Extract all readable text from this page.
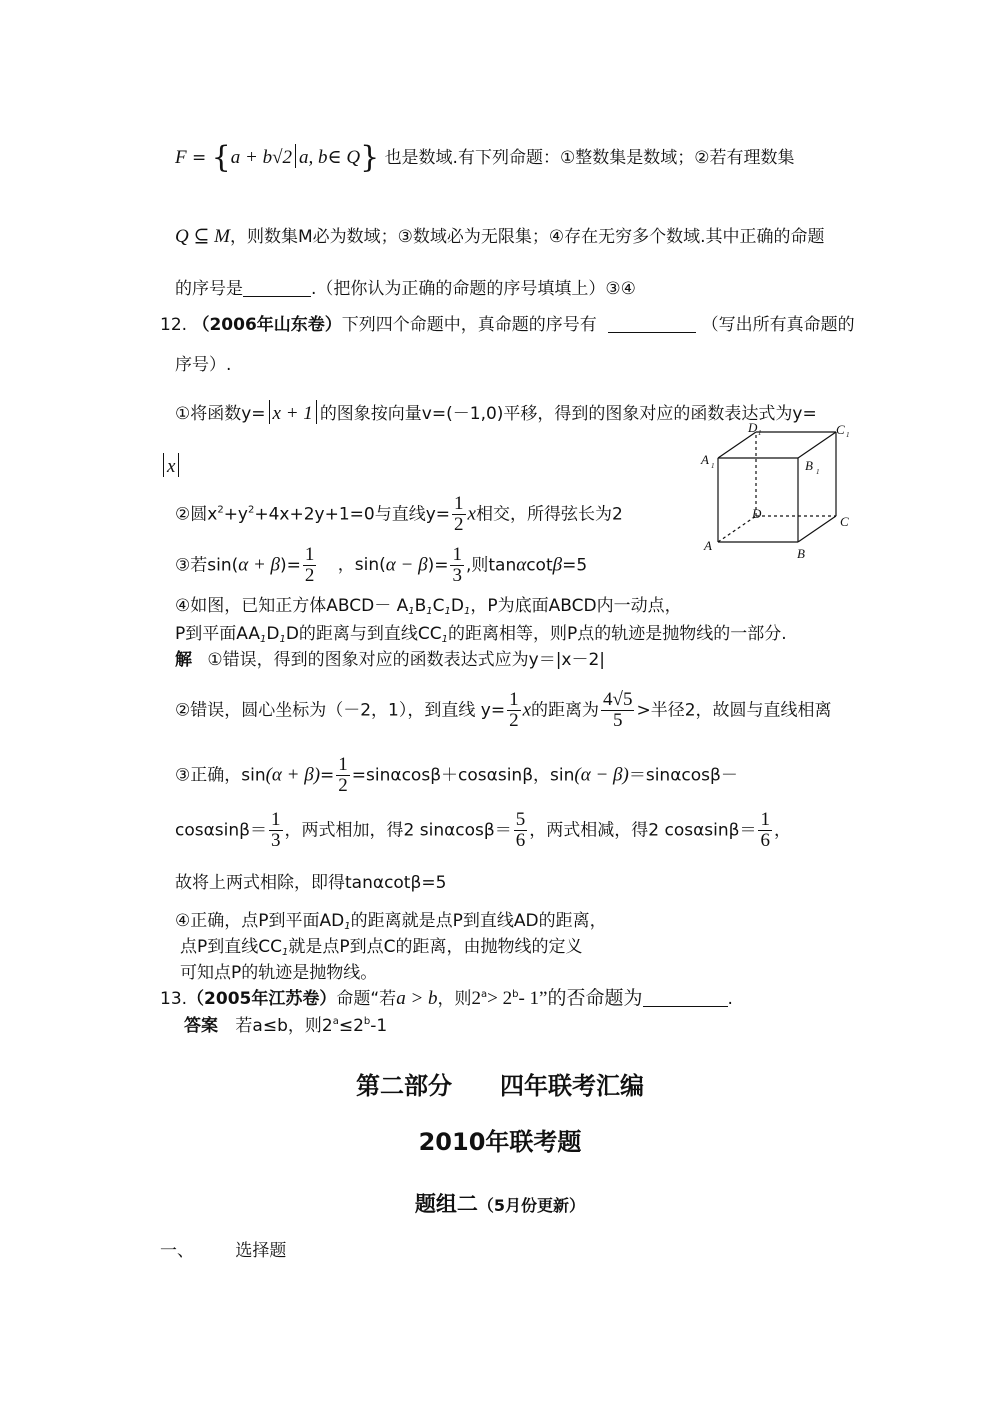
F = {a + b√2 a, b∈ Q} 也是数域.有下列命题：①整数集是数域；②若有理数集
Q ⊆ M，则数集M必为数域；③数域必为无限集；④存在无穷多个数域.其中正确的命题
的序号是	.（把你认为正确的命题的序号填填上）③④
12. （2006年山东卷）下列四个命题中，真命题的序号有	（写出所有真命题的
序号）.
①将函数y= x + 1 的图象按向量v=(－1,0)平移，得到的图象对应的函数表达式为y=
x
A
B
C
D
A 1	B 1
D 1	C 1
②圆$x^2+y^2+4x+2y+1=0$与直线$y= \frac{1}{2}$ x相交，所得弦长为2
③若$\sin(\alpha + \beta)= \frac{1}{2}$ ，$\sin(\alpha - \beta)= \frac{1}{3}$ ,则tanαcotβ=5
④如图，已知正方体ABCD－ $A_1B_1C_1D_1$，P为底面ABCD内一动点，
P到平面$AA_1D_1D$的距离与到直线$CC_1$的距离相等，则P点的轨迹是抛物线的一部分.
解 ①错误，得到的图象对应的函数表达式应为y＝|x－2|
②错误，圆心坐标为（－2，1），到直线 $y= \frac{1}{2}$ x的距离为 $\frac{4√5}{5}$ >半径2，故圆与直线相离
③正确，$\sin(\alpha + \beta)= \frac{1}{2} =\sin\alpha\cos\beta+\cos\alpha\sin\beta$，sin(α − β)＝sinαcosβ－
$\cos\alpha\sin\beta= \frac{1}{3}$ ，两式相加，得2 $\sin\alpha\cos\beta= \frac{5}{6}$ ，两式相减，得2 $\cos\alpha\sin\beta= \frac{1}{6}$ ，
故将上两式相除，即得tanαcotβ=5
④正确，点P到平面$AD_1$的距离就是点P到直线AD的距离，
点P到直线$CC_1$就是点P到点C的距离，由抛物线的定义
可知点P的轨迹是抛物线。
13.（2005年江苏卷）命题“若a > b，则$2^a> 2^b-$ 1”的否命题为	.
答案 若a≤b，则$2^a\le 2^b-1$
第二部分　　四年联考汇编
2010年联考题
题组二（5月份更新）
一、 选择题
